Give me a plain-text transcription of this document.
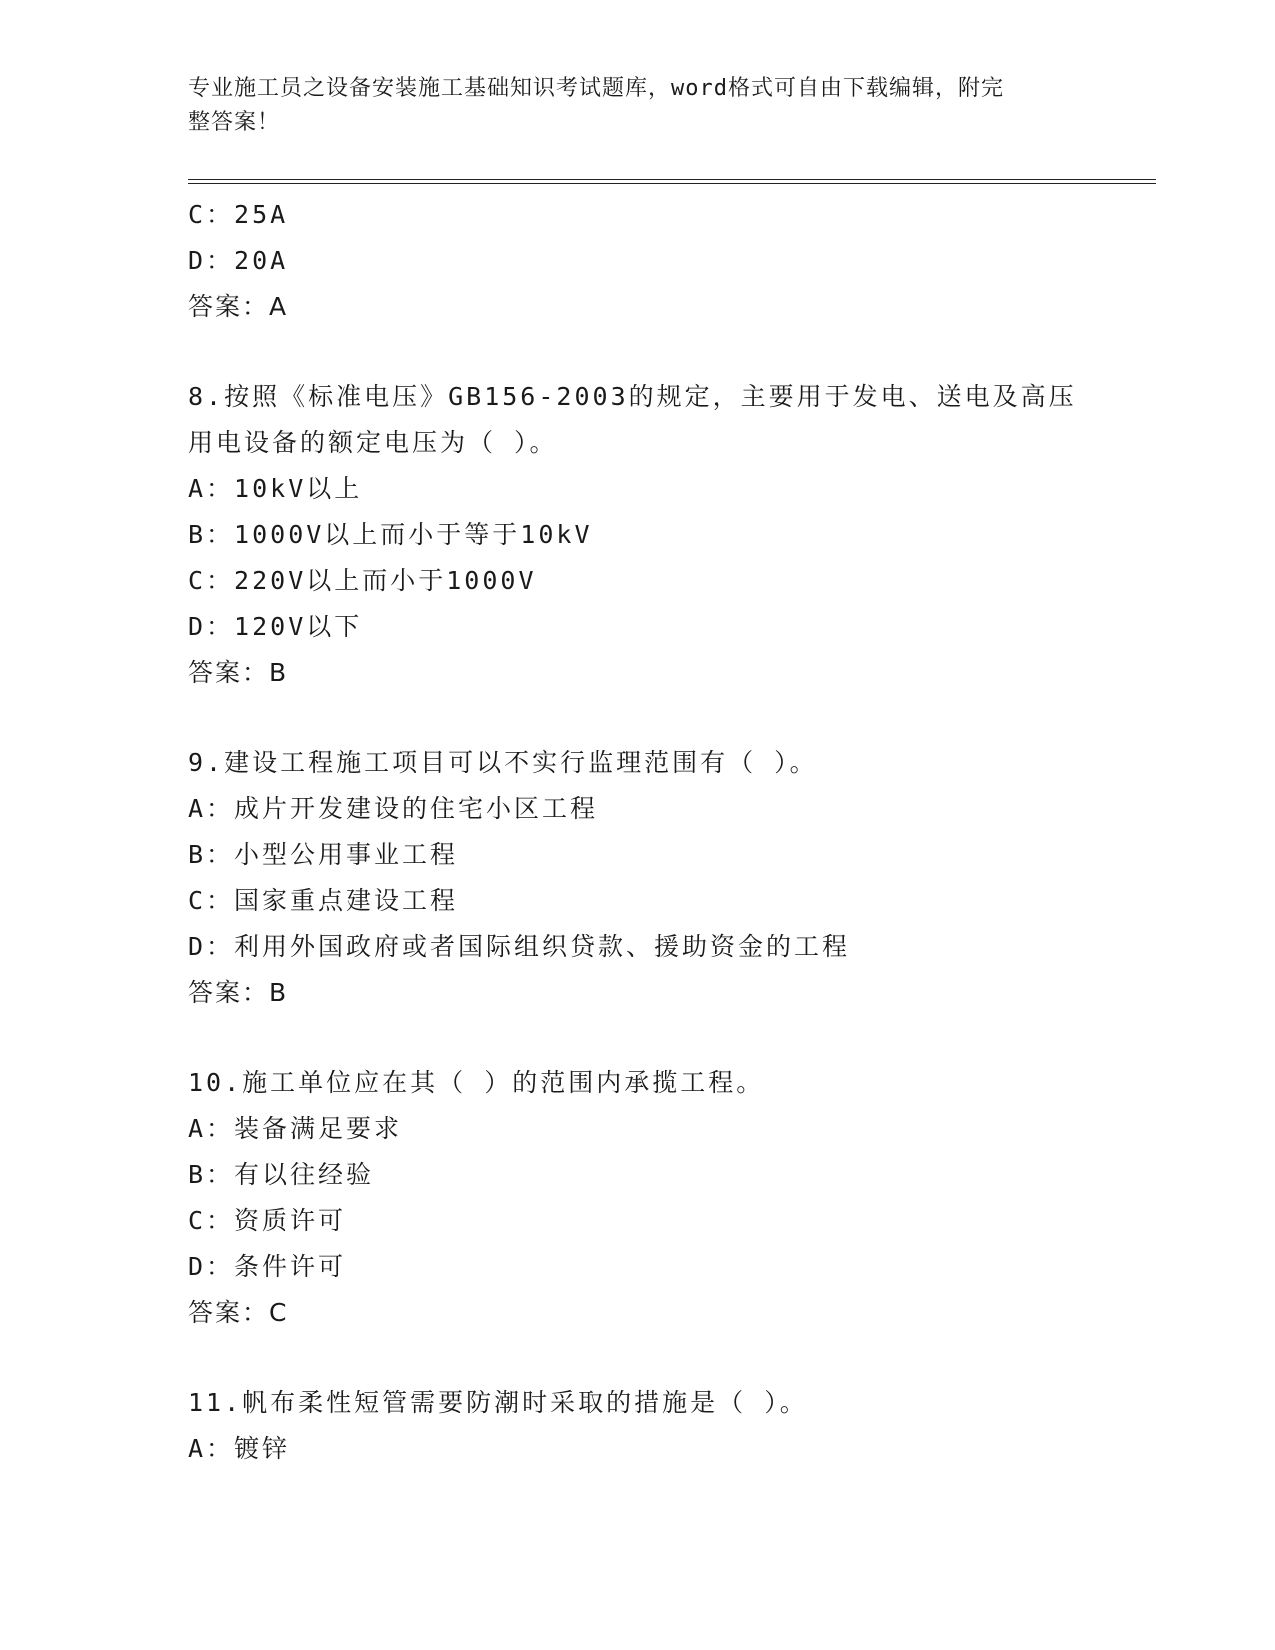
专业施工员之设备安装施工基础知识考试题库，word格式可自由下载编辑，附完
整答案！
C：25A
D：20A
答案：A
8.按照《标准电压》GB156-2003的规定，主要用于发电、送电及高压
用电设备的额定电压为（ ）。
A：10kV以上
B：1000V以上而小于等于10kV
C：220V以上而小于1000V
D：120V以下
答案：B
9.建设工程施工项目可以不实行监理范围有（ ）。
A：成片开发建设的住宅小区工程
B：小型公用事业工程
C：国家重点建设工程
D：利用外国政府或者国际组织贷款、援助资金的工程
答案：B
10.施工单位应在其（ ）的范围内承揽工程。
A：装备满足要求
B：有以往经验
C：资质许可
D：条件许可
答案：C
11.帆布柔性短管需要防潮时采取的措施是（ ）。
A：镀锌
